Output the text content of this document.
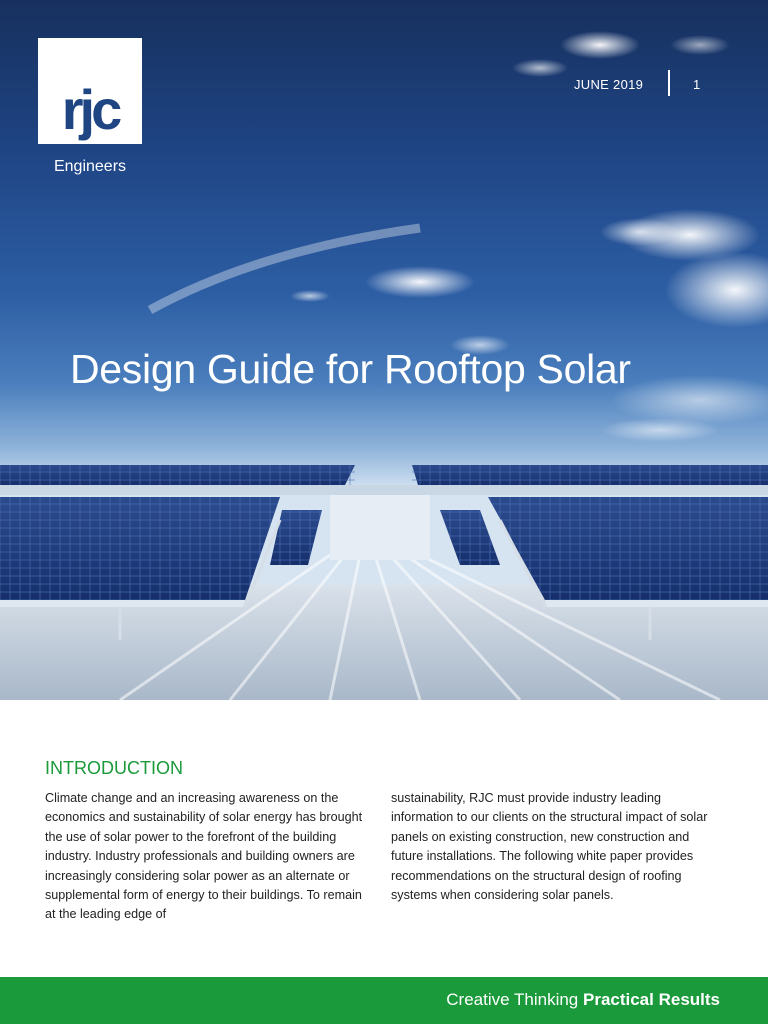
rjc
Engineers
JUNE 2019	1
Design Guide for Rooftop Solar
INTRODUCTION

Climate change and an increasing awareness on the economics and sustainability of solar energy has brought the use of solar power to the forefront of the building industry. Industry professionals and building owners are increasingly considering solar power as an alternate or supplemental form of energy to their buildings. To remain at the leading edge of

sustainability, RJC must provide industry leading information to our clients on the structural impact of solar panels on existing construction, new construction and future installations. The following white paper provides recommendations on the structural design of roofing systems when considering solar panels.

Creative Thinking Practical Results
